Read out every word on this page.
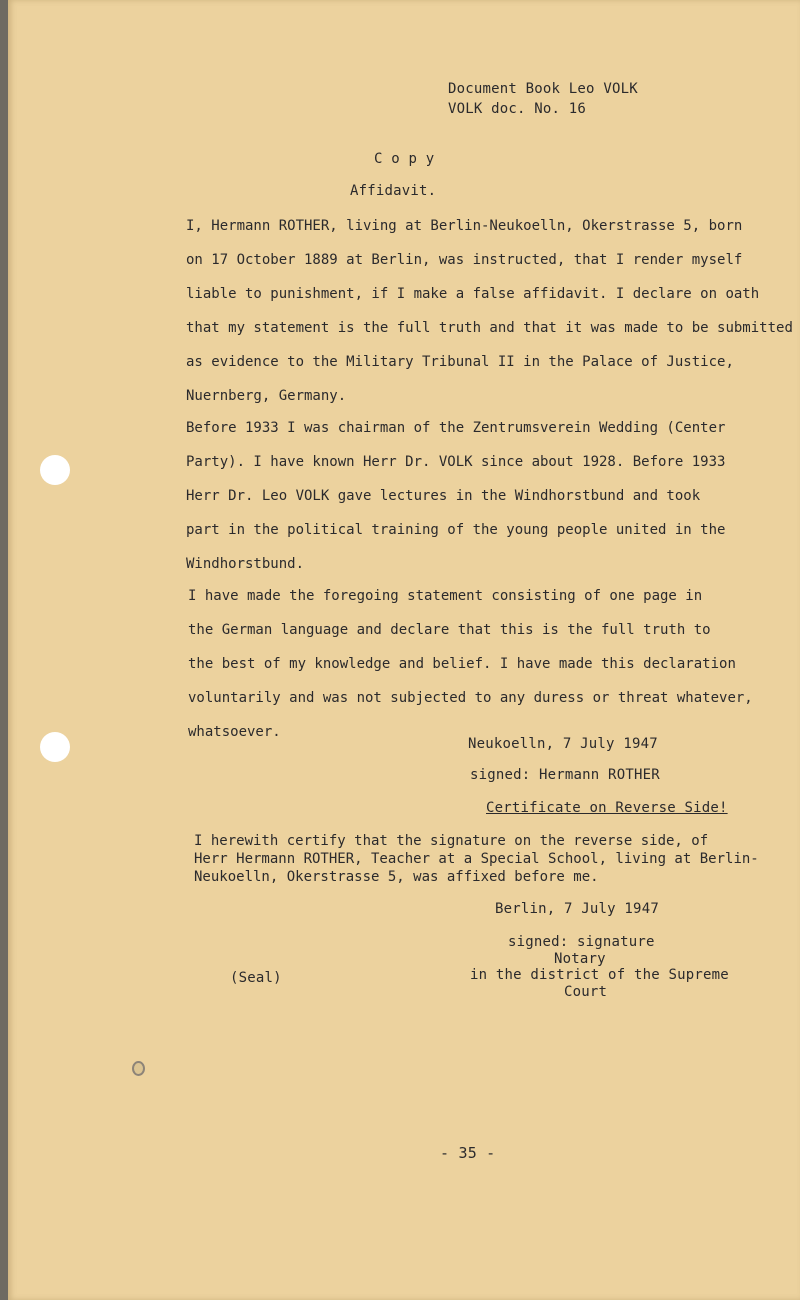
Document Book Leo VOLK
VOLK doc. No. 16
C o p y
Affidavit.
I, Hermann ROTHER, living at Berlin-Neukoelln, Okerstrasse 5, born
on 17 October 1889 at Berlin, was instructed, that I render myself
liable to punishment, if I make a false affidavit. I declare on oath
that my statement is the full truth and that it was made to be submitted
as evidence to the Military Tribunal II in the Palace of Justice,
Nuernberg, Germany.
Before 1933 I was chairman of the Zentrumsverein Wedding (Center
Party). I have known Herr Dr. VOLK since about 1928. Before 1933
Herr Dr. Leo VOLK gave lectures in the Windhorstbund and took
part in the political training of the young people united in the
Windhorstbund.
I have made the foregoing statement consisting of one page in
the German language and declare that this is the full truth to
the best of my knowledge and belief. I have made this declaration
voluntarily and was not subjected to any duress or threat whatever,
whatsoever.
Neukoelln, 7 July 1947
signed: Hermann ROTHER
Certificate on Reverse Side!
I herewith certify that the signature on the reverse side, of
Herr Hermann ROTHER, Teacher at a Special School, living at Berlin-
Neukoelln, Okerstrasse 5, was affixed before me.
Berlin, 7 July 1947
signed: signature
Notary
in the district of the Supreme
Court
(Seal)
- 35 -
